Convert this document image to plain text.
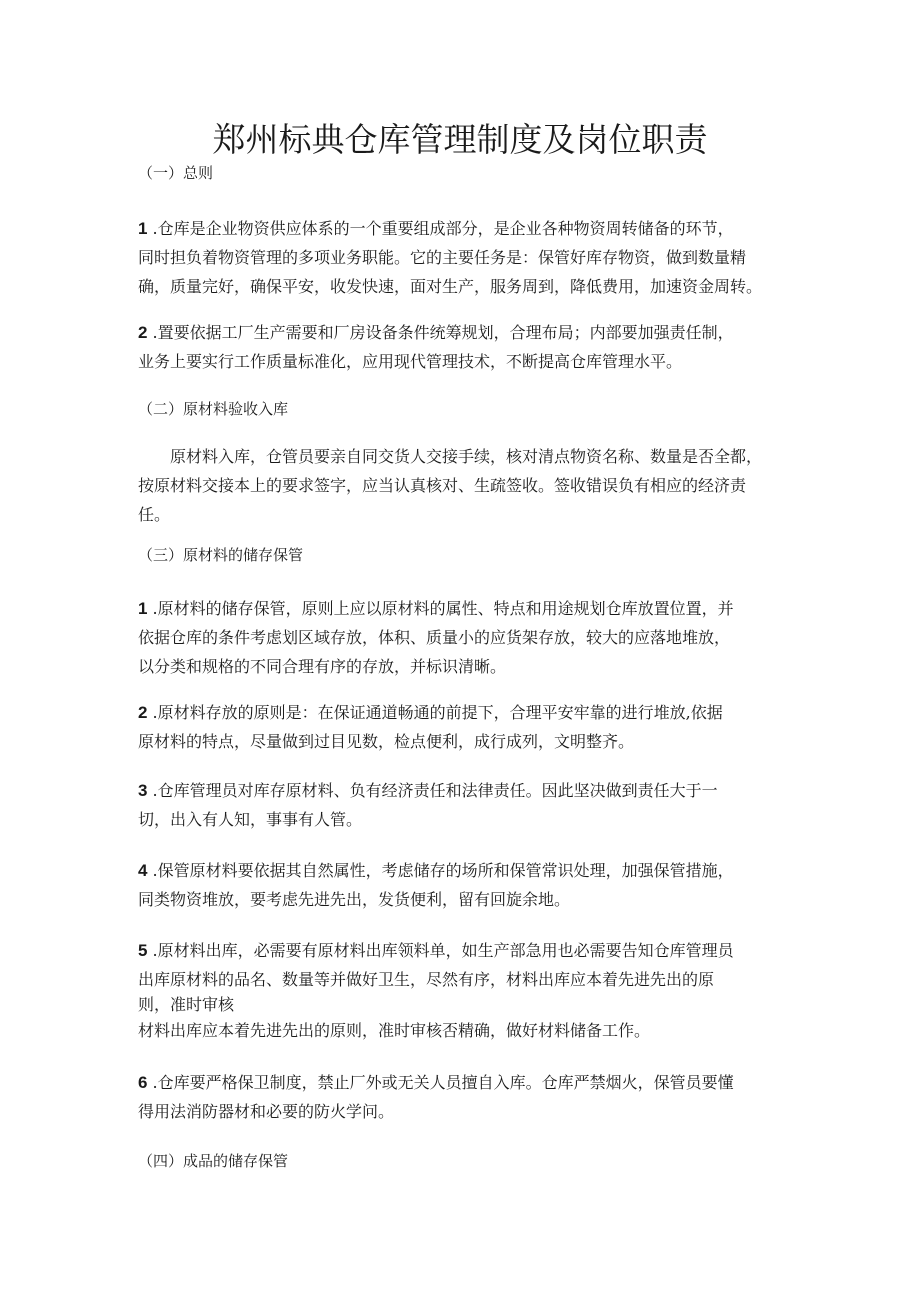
郑州标典仓库管理制度及岗位职责

（一）总则

1 .仓库是企业物资供应体系的一个重要组成部分，是企业各种物资周转储备的环节，
同时担负着物资管理的多项业务职能。它的主要任务是：保管好库存物资，做到数量精
确，质量完好，确保平安，收发快速，面对生产，服务周到，降低费用，加速资金周转。
2 .置要依据工厂生产需要和厂房设备条件统筹规划，合理布局；内部要加强责任制，
业务上要实行工作质量标准化，应用现代管理技术，不断提高仓库管理水平。

（二）原材料验收入库

　　原材料入库，仓管员要亲自同交货人交接手续，核对清点物资名称、数量是否全都，
按原材料交接本上的要求签字，应当认真核对、生疏签收。签收错误负有相应的经济责
任。

（三）原材料的储存保管

1 .原材料的储存保管，原则上应以原材料的属性、特点和用途规划仓库放置位置，并
依据仓库的条件考虑划区域存放，体积、质量小的应货架存放，较大的应落地堆放，
以分类和规格的不同合理有序的存放，并标识清晰。
2 .原材料存放的原则是：在保证通道畅通的前提下，合理平安牢靠的进行堆放,依据
原材料的特点，尽量做到过目见数，检点便利，成行成列，文明整齐。
3 .仓库管理员对库存原材料、负有经济责任和法律责任。因此坚决做到责任大于一
切，出入有人知，事事有人管。
4 .保管原材料要依据其自然属性，考虑储存的场所和保管常识处理，加强保管措施，
同类物资堆放，要考虑先进先出，发货便利，留有回旋余地。
5 .原材料出库，必需要有原材料出库领料单，如生产部急用也必需要告知仓库管理员
出库原材料的品名、数量等并做好卫生，尽然有序，材料出库应本着先进先出的原
则，准时审核
材料出库应本着先进先出的原则，准时审核否精确，做好材料储备工作。
6 .仓库要严格保卫制度，禁止厂外或无关人员擅自入库。仓库严禁烟火，保管员要懂
得用法消防器材和必要的防火学问。

（四）成品的储存保管
